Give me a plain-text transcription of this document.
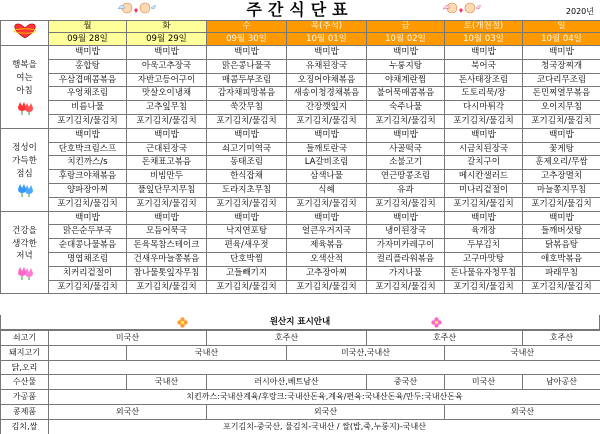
주간식단표	2020년
	월	화	수	목(추석)	금	토(개천절)	일
	09월 28일	09월 29일	09월 30일	10월 01일	10월 02일	10월 03일	10월 04일

행복을
여는
아침	백미밥	백미밥	백미밥	백미밥	백미밥	백미밥	백미밥
	홍합탕	아욱고추장국	맑은콩나물국	유채된장국	누룽지탕	북어국	청국장찌개
	우삼겹매콤볶음	자반고등어구이	매콤두부조림	오징어야채볶음	야채계란찜	돈사태장조림	코다리무조림
	우엉채조림	맛살오이냉채	감자채피망볶음	새송이청경채볶음	불어묵매콤볶음	도토리묵/장	돈민찌열무볶음
	비름나물	고추잎무침	쑥갓무침	간장깻잎지	숙주나물	다시마튀각	오이지무침
	포기김치/물김치	포기김치/물김치	포기김치/물김치	포기김치/물김치	포기김치/물김치	포기김치/물김치	포기김치/물김치

정성이
가득한
점심	백미밥	백미밥	백미밥	백미밥	백미밥	백미밥	백미밥
	단호박크림스프	근대된장국	쇠고기미역국	들깨토란국	사골떡국	시금치된장국	꽃게탕
	치킨까스/s	돈채표고볶음	동태조림	LA갈비조림	소불고기	갈치구이	훈제오리/무쌈
	후랑크야채볶음	비빔만두	한식잡채	삼색나물	연근땅콩조림	메시칸샐러드	고추장멸치
	양파장아찌	풀잎단무지무침	도라지초무침	식혜	유과	미나리겉절이	마늘쫑지무침
	포기김치/물김치	포기김치/물김치	포기김치/물김치	포기김치/물김치	포기김치/물김치	포기김치/물김치	포기김치/물김치

건강을
생각한
저녁	백미밥	백미밥	백미밥	백미밥	백미밥	백미밥	백미밥
	맑은순두부국	모듬어묵국	낙지연포탕	얼큰우거지국	냉이된장국	육개장	들깨버섯탕
	순대콩나물볶음	돈육목참스테이크	편육/새우젓	제육볶음	가자미카레구이	두부김치	닭볶음탕
	명엽채조림	건새우마늘쫑볶음	단호박찜	오색산적	컬리플라워볶음	고구마맛탕	애호박볶음
	치커리겉절이	참나물톳잎자무침	고들빼기지	고추장아찌	가지나물	돈나물유자청무침	파래무침
	포기김치/물김치	포기김치/물김치	포기김치/물김치	포기김치/물김치	포기김치/물김치	포기김치/물김치	포기김치/물김치
원산지 표시안내
쇠고기	미국산		호주산		호주산		호주산	
돼지고기		국내산		미국산,국내산		국내산	
닭,오리		
수산물		국내산	러시아산,베트남산		중국산	미국산	남아공산	
가공품	치킨까스:국내산계육/후랑크:국내산돈육,계육/편육:국내산돈육/만두:국내산돈육							
콩제품	외국산		외국산			외국산	
김치,쌀	포기김치-중국산, 물김치-국내산 / 쌀(밥,죽,누룽지)-국내산							
